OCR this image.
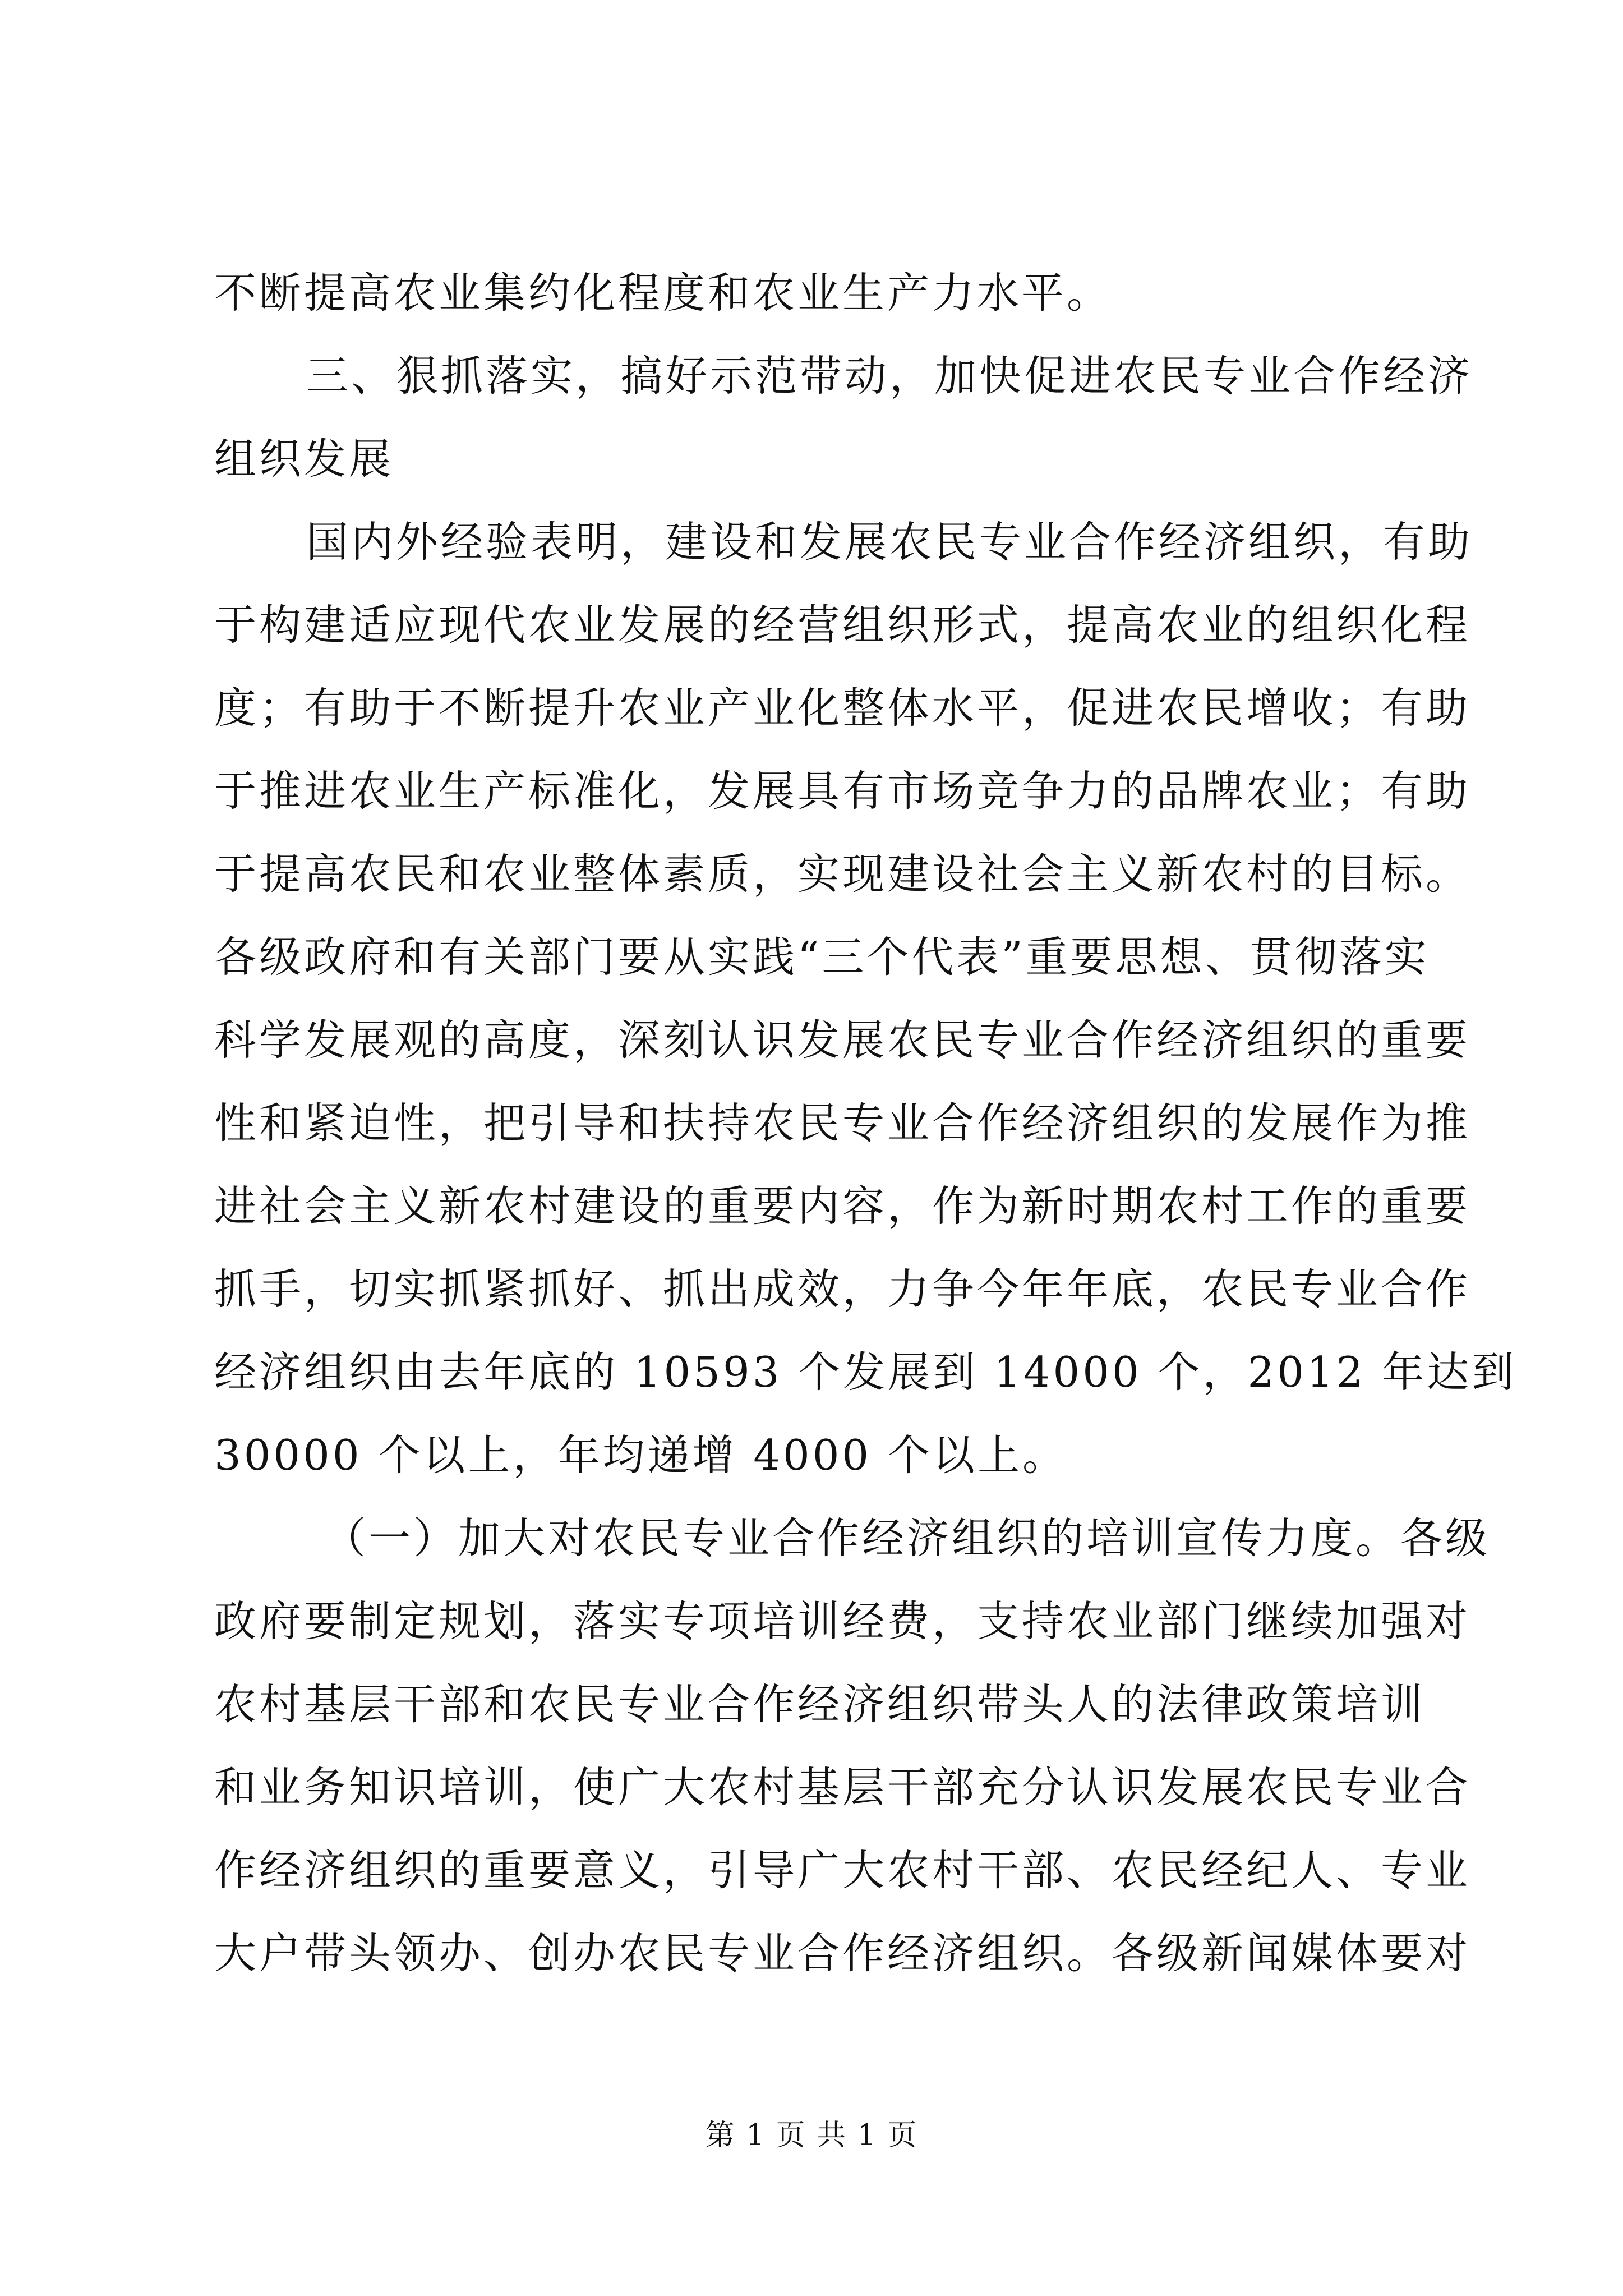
不断提高农业集约化程度和农业生产力水平。
三、狠抓落实，搞好示范带动，加快促进农民专业合作经济
组织发展
国内外经验表明，建设和发展农民专业合作经济组织，有助
于构建适应现代农业发展的经营组织形式，提高农业的组织化程
度；有助于不断提升农业产业化整体水平，促进农民增收；有助
于推进农业生产标准化，发展具有市场竞争力的品牌农业；有助
于提高农民和农业整体素质，实现建设社会主义新农村的目标。
各级政府和有关部门要从实践“三个代表”重要思想、贯彻落实
科学发展观的高度，深刻认识发展农民专业合作经济组织的重要
性和紧迫性，把引导和扶持农民专业合作经济组织的发展作为推
进社会主义新农村建设的重要内容，作为新时期农村工作的重要
抓手，切实抓紧抓好、抓出成效，力争今年年底，农民专业合作
经济组织由去年底的 10593 个发展到 14000 个，2012 年达到
30000 个以上，年均递增 4000 个以上。
（一）加大对农民专业合作经济组织的培训宣传力度。各级
政府要制定规划，落实专项培训经费，支持农业部门继续加强对
农村基层干部和农民专业合作经济组织带头人的法律政策培训
和业务知识培训，使广大农村基层干部充分认识发展农民专业合
作经济组织的重要意义，引导广大农村干部、农民经纪人、专业
大户带头领办、创办农民专业合作经济组织。各级新闻媒体要对
第 1 页 共 1 页
